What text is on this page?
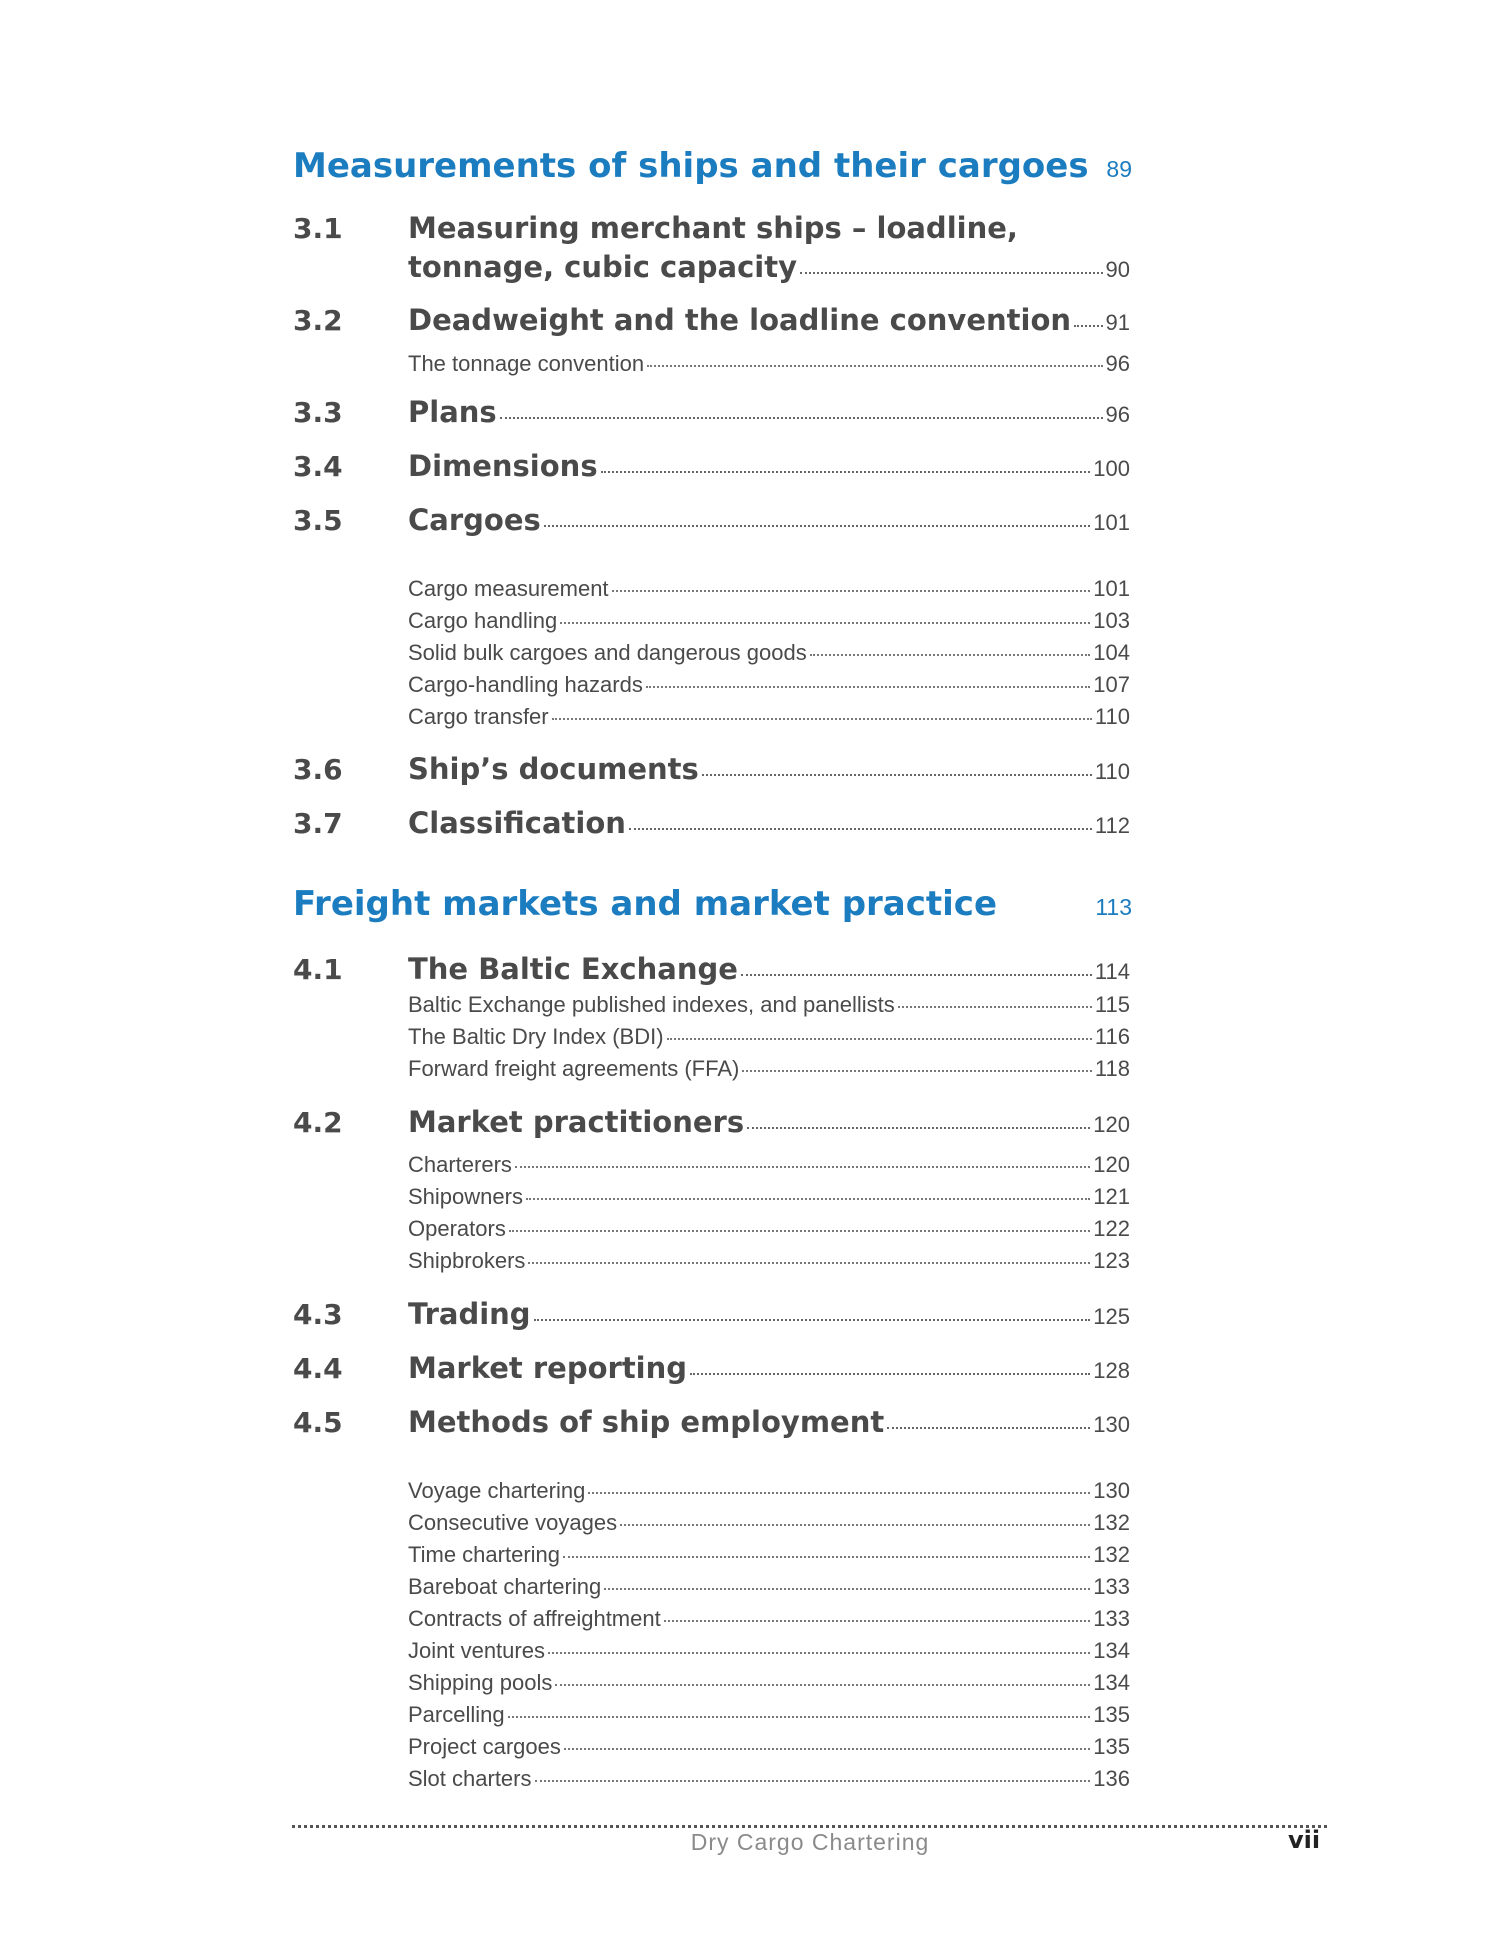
Measurements of ships and their cargoes 89
3.1 Measuring merchant ships – loadline,
tonnage, cubic capacity	90
3.2 Deadweight and the loadline convention 91
The tonnage convention	96
3.3 Plans	96
3.4 Dimensions	100
3.5 Cargoes	101
Cargo measurement	101
Cargo handling	103
Solid bulk cargoes and dangerous goods	104
Cargo-handling hazards	107
Cargo transfer	110
3.6 Ship’s documents	110
3.7 Classification	112
Freight markets and market practice	113
4.1 The Baltic Exchange	114
Baltic Exchange published indexes, and panellists	115
The Baltic Dry Index (BDI)	116
Forward freight agreements (FFA)	118
4.2 Market practitioners	120
Charterers	120
Shipowners	121
Operators	122
Shipbrokers	123
4.3 Trading	125
4.4 Market reporting	128
4.5 Methods of ship employment	130
Voyage chartering	130
Consecutive voyages	132
Time chartering	132
Bareboat chartering	133
Contracts of affreightment	133
Joint ventures	134
Shipping pools	134
Parcelling	135
Project cargoes	135
Slot charters	136
Dry Cargo Chartering	vii
